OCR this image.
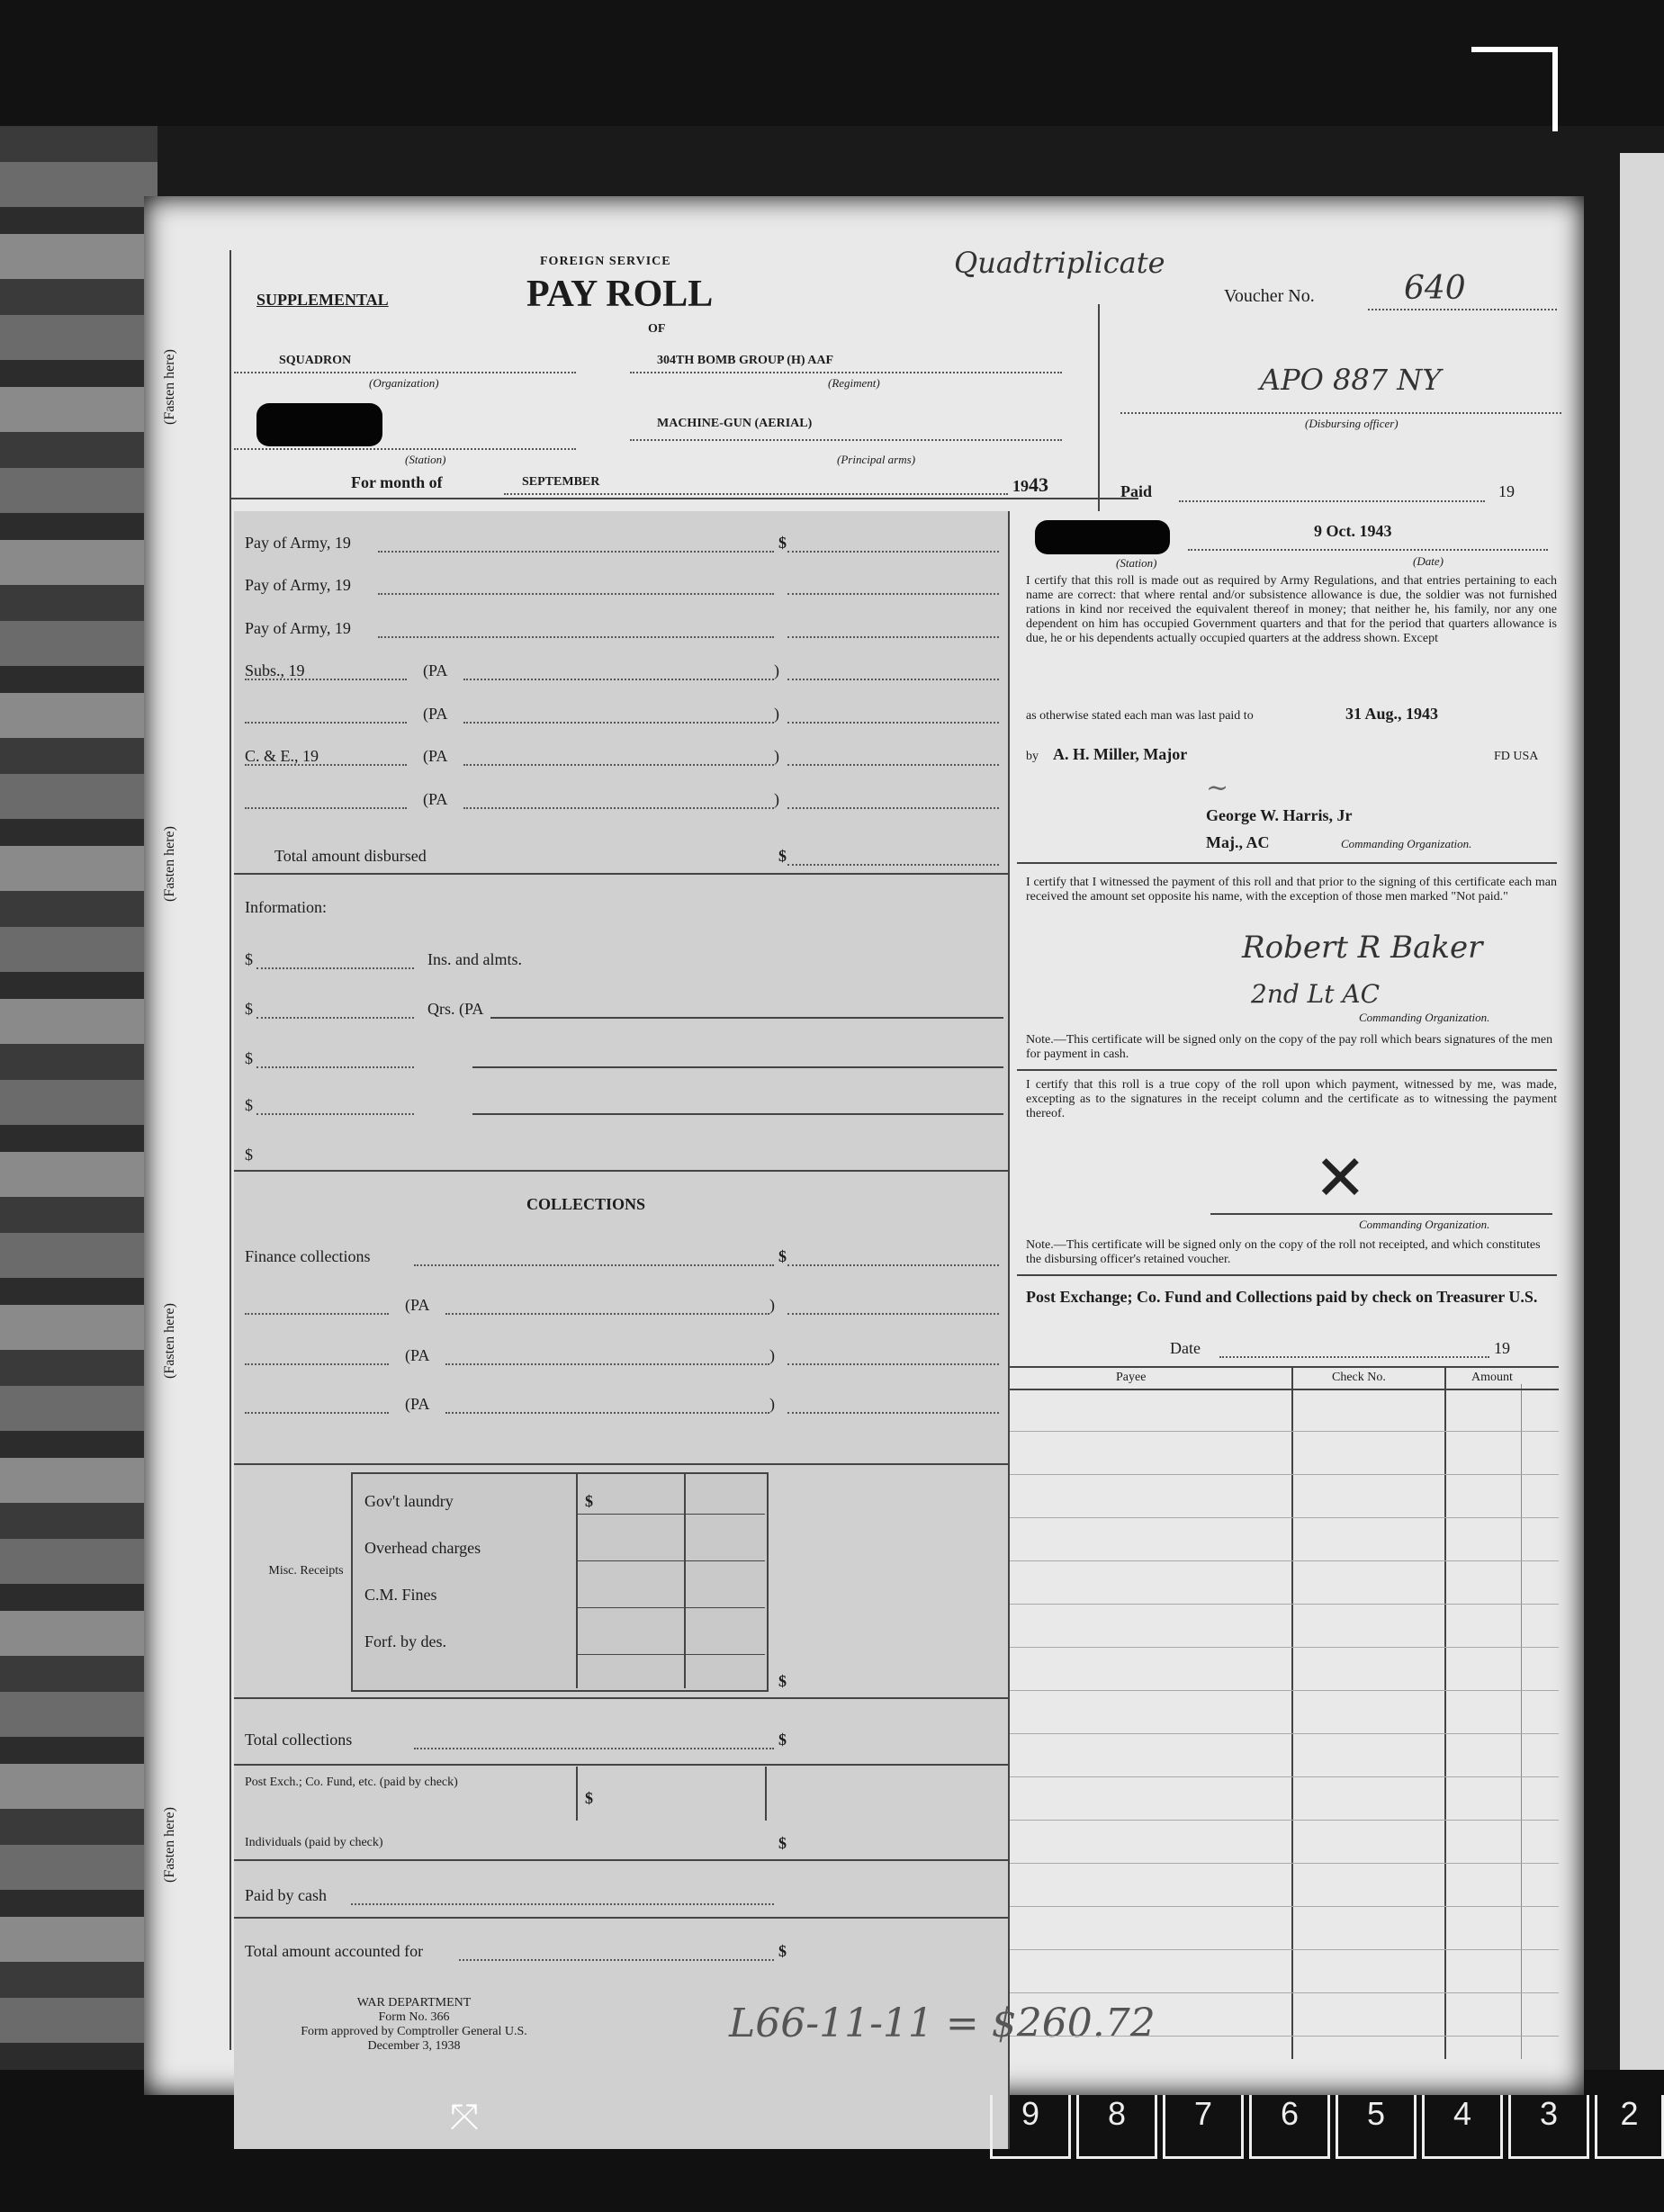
(Fasten here)
(Fasten here)
(Fasten here)
(Fasten here)
FOREIGN SERVICE
PAY ROLL
OF
SUPPLEMENTAL
Quadtriplicate
Voucher No.	640
SQUADRON
(Organization)
304TH BOMB GROUP (H) AAF
(Regiment)
(Station)
MACHINE-GUN (AERIAL)
(Principal arms)
For month of	SEPTEMBER	1943
APO 887 NY
(Disbursing officer)
Paid	19
Pay of Army, 19	$
Pay of Army, 19
Pay of Army, 19
Subs., 19	(PA	)
(PA	)
C. & E., 19	(PA	)
(PA	)
Total amount disbursed	$
Information:
$	Ins. and almts.
$	Qrs. (PA
$
$
$
COLLECTIONS
Finance collections	$
(PA	)
(PA	)
(PA	)
Misc. Receipts
Gov't laundry
Overhead charges
C.M. Fines
Forf. by des.
$
$
Total collections	$
Post Exch.; Co. Fund, etc. (paid by check)
$
Individuals (paid by check)	$
Paid by cash
Total amount accounted for	$
WAR DEPARTMENT
Form No. 366
Form approved by Comptroller General U.S.
December 3, 1938	L66-11-11 = $260.72
(Station)
9 Oct. 1943
(Date)
I certify that this roll is made out as required by Army Regulations, and that entries pertaining to each name are correct: that where rental and/or subsistence allowance is due, the soldier was not furnished rations in kind nor received the equivalent thereof in money; that neither he, his family, nor any one dependent on him has occupied Government quarters and that for the period that quarters allowance is due, he or his dependents actually occupied quarters at the address shown. Except
as otherwise stated each man was last paid to	31 Aug., 1943
by A. H. Miller, Major	FD USA
~
George W. Harris, Jr
Maj., AC	Commanding Organization.
I certify that I witnessed the payment of this roll and that prior to the signing of this certificate each man received the amount set opposite his name, with the exception of those men marked "Not paid."
Robert R Baker
2nd Lt AC
Commanding Organization.
Note.—This certificate will be signed only on the copy of the pay roll which bears signatures of the men for payment in cash.
I certify that this roll is a true copy of the roll upon which payment, witnessed by me, was made, excepting as to the signatures in the receipt column and the certificate as to witnessing the payment thereof.
✕
Commanding Organization.
Note.—This certificate will be signed only on the copy of the roll not receipted, and which constitutes the disbursing officer's retained voucher.
Post Exchange; Co. Fund and Collections paid by check on Treasurer U.S.
Date	19
Payee	Check No.	Amount
9	8	7	6	5	4	3	2
⤧
